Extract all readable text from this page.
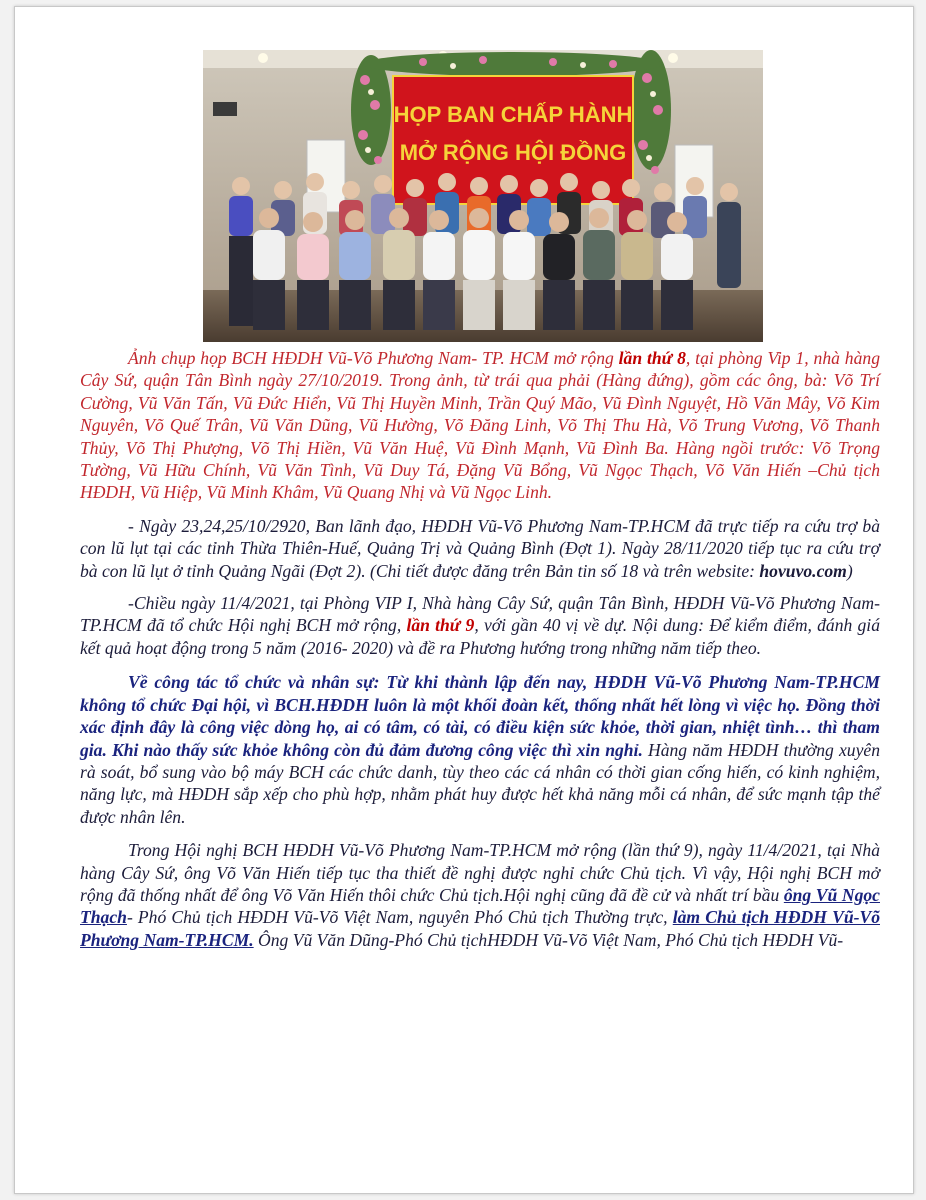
HỌP BAN CHẤP HÀNH
MỞ RỘNG HỘI ĐỒNG

Ảnh chụp họp BCH HĐDH Vũ-Võ Phương Nam- TP. HCM mở rộng lần thứ 8, tại phòng Vip 1, nhà hàng Cây Sứ, quận Tân Bình ngày 27/10/2019. Trong ảnh, từ trái qua phải (Hàng đứng), gồm các ông, bà: Võ Trí Cường, Vũ Văn Tấn, Vũ Đức Hiển, Vũ Thị Huyền Minh, Trần Quý Mão, Vũ Đình Nguyệt, Hồ Văn Mây, Võ Kim Nguyên, Võ Quế Trân, Vũ Văn Dũng, Vũ Hường, Võ Đăng Linh, Võ Thị Thu Hà, Võ Trung Vương, Võ Thanh Thủy, Võ Thị Phượng, Võ Thị Hiền, Vũ Văn Huệ, Vũ Đình Mạnh, Vũ Đình Ba. Hàng ngồi trước: Võ Trọng Tường, Vũ Hữu Chính, Vũ Văn Tình, Vũ Duy Tá, Đặng Vũ Bổng, Vũ Ngọc Thạch, Võ Văn Hiến –Chủ tịch HĐDH, Vũ Hiệp, Vũ Minh Khâm, Vũ Quang Nhị và Vũ Ngọc Linh.

- Ngày 23,24,25/10/2920, Ban lãnh đạo, HĐDH Vũ-Võ Phương Nam-TP.HCM đã trực tiếp ra cứu trợ bà con lũ lụt tại các tỉnh Thừa Thiên-Huế, Quảng Trị và Quảng Bình (Đợt 1). Ngày 28/11/2020 tiếp tục ra cứu trợ bà con lũ lụt ở tỉnh Quảng Ngãi (Đợt 2). (Chi tiết được đăng trên Bản tin số 18 và trên website: hovuvo.com)

-Chiều ngày 11/4/2021, tại Phòng VIP I, Nhà hàng Cây Sứ, quận Tân Bình, HĐDH Vũ-Võ Phương Nam-TP.HCM đã tổ chức Hội nghị BCH mở rộng, lần thứ 9, với gần 40 vị về dự. Nội dung: Để kiểm điểm, đánh giá kết quả hoạt động trong 5 năm (2016- 2020) và đề ra Phương hướng trong những năm tiếp theo.

Về công tác tổ chức và nhân sự: Từ khi thành lập đến nay, HĐDH Vũ-Võ Phương Nam-TP.HCM không tổ chức Đại hội, vì BCH.HĐDH luôn là một khối đoàn kết, thống nhất hết lòng vì việc họ. Đồng thời xác định đây là công việc dòng họ, ai có tâm, có tài, có điều kiện sức khỏe, thời gian, nhiệt tình… thì tham gia. Khi nào thấy sức khỏe không còn đủ đảm đương công việc thì xin nghỉ. Hàng năm HĐDH thường xuyên rà soát, bổ sung vào bộ máy BCH các chức danh, tùy theo các cá nhân có thời gian cống hiến, có kinh nghiệm, năng lực, mà HĐDH sắp xếp cho phù hợp, nhằm phát huy được hết khả năng mỗi cá nhân, để sức mạnh tập thể được nhân lên.

Trong Hội nghị BCH HĐDH Vũ-Võ Phương Nam-TP.HCM mở rộng (lần thứ 9), ngày 11/4/2021, tại Nhà hàng Cây Sứ, ông Võ Văn Hiến tiếp tục tha thiết đề nghị được nghỉ chức Chủ tịch. Vì vậy, Hội nghị BCH mở rộng đã thống nhất để ông Võ Văn Hiến thôi chức Chủ tịch.Hội nghị cũng đã đề cử và nhất trí bầu ông Vũ Ngọc Thạch- Phó Chủ tịch HĐDH Vũ-Võ Việt Nam, nguyên Phó Chủ tịch Thường trực, làm Chủ tịch HĐDH Vũ-Võ Phương Nam-TP.HCM. Ông Vũ Văn Dũng-Phó Chủ tịchHĐDH Vũ-Võ Việt Nam, Phó Chủ tịch HĐDH Vũ-
